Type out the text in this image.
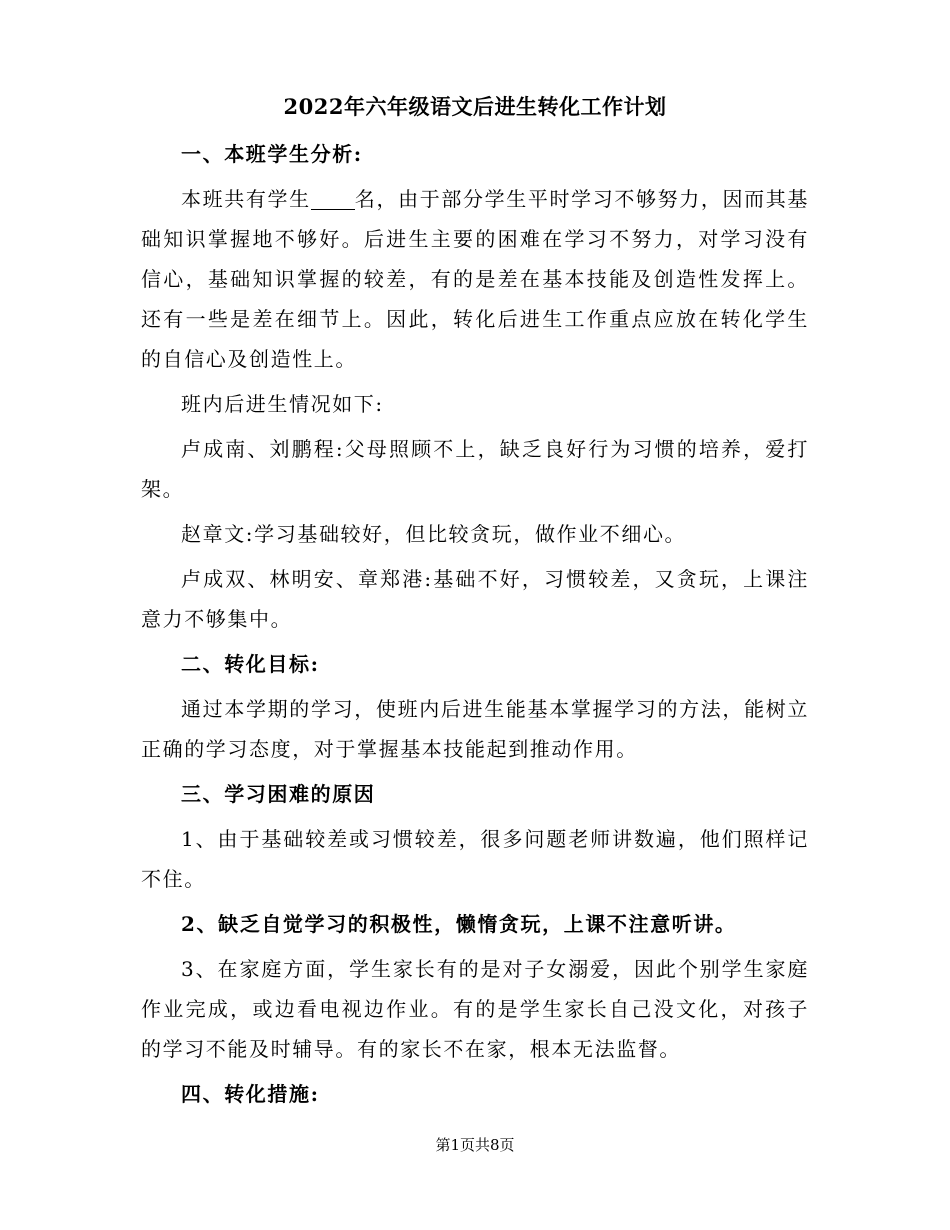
2022年六年级语文后进生转化工作计划

一、本班学生分析:

本班共有学生 名，由于部分学生平时学习不够努力，因而其基础知识掌握地不够好。后进生主要的困难在学习不努力，对学习没有信心，基础知识掌握的较差，有的是差在基本技能及创造性发挥上。还有一些是差在细节上。因此，转化后进生工作重点应放在转化学生的自信心及创造性上。

班内后进生情况如下:

卢成南、刘鹏程:父母照顾不上，缺乏良好行为习惯的培养，爱打架。

赵章文:学习基础较好，但比较贪玩，做作业不细心。

卢成双、林明安、章郑港:基础不好，习惯较差，又贪玩，上课注意力不够集中。

二、转化目标:

通过本学期的学习，使班内后进生能基本掌握学习的方法，能树立正确的学习态度，对于掌握基本技能起到推动作用。

三、学习困难的原因

1、由于基础较差或习惯较差，很多问题老师讲数遍，他们照样记不住。

2、缺乏自觉学习的积极性，懒惰贪玩，上课不注意听讲。

3、在家庭方面，学生家长有的是对子女溺爱，因此个别学生家庭作业完成，或边看电视边作业。有的是学生家长自己没文化，对孩子的学习不能及时辅导。有的家长不在家，根本无法监督。

四、转化措施:

第1页共8页
